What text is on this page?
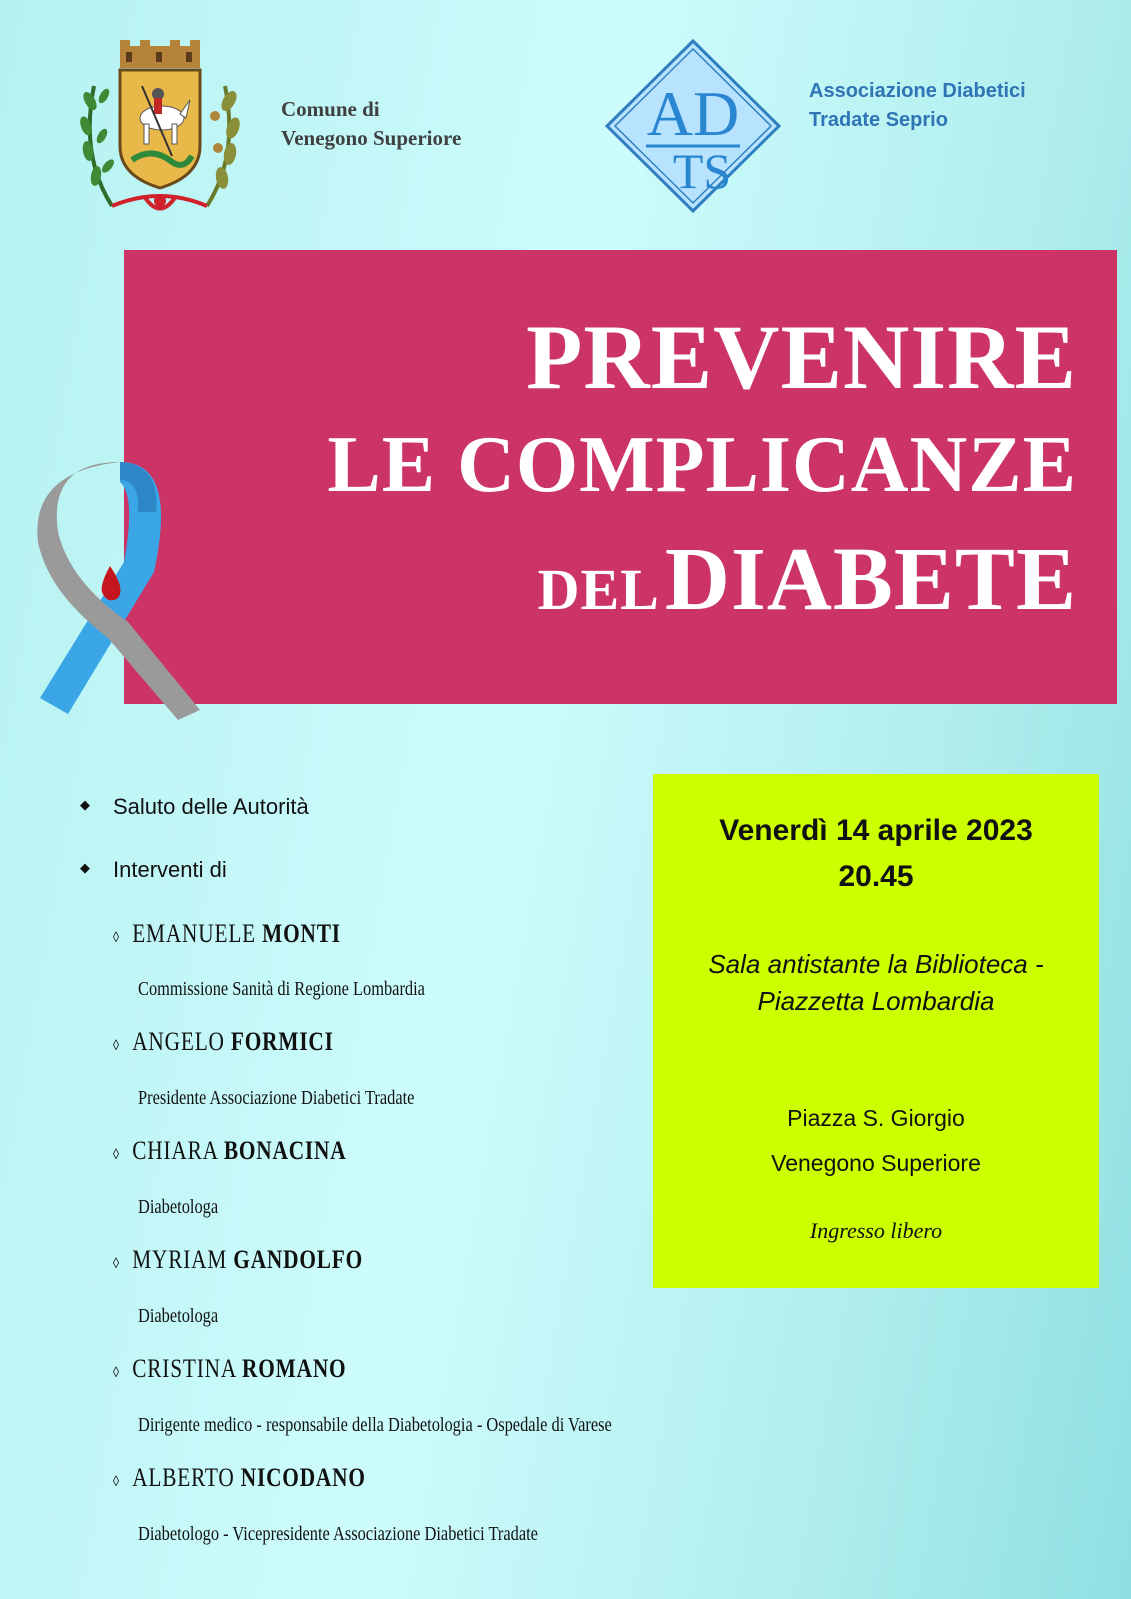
Comune di
Venegono Superiore	AD
TS
Associazione Diabetici
Tradate Seprio
PREVENIRE
LE COMPLICANZE
DEL DIABETE
◆ Saluto delle Autorità
◆ Interventi di
◊ EMANUELE MONTI
Commissione Sanità di Regione Lombardia
◊ ANGELO FORMICI
Presidente Associazione Diabetici Tradate
◊ CHIARA BONACINA
Diabetologa
◊ MYRIAM GANDOLFO
Diabetologa
◊ CRISTINA ROMANO
Dirigente medico - responsabile della Diabetologia - Ospedale di Varese
◊ ALBERTO NICODANO
Diabetologo - Vicepresidente Associazione Diabetici Tradate
Venerdì 14 aprile 2023
20.45
Sala antistante la Biblioteca -
Piazzetta Lombardia
Piazza S. Giorgio
Venegono Superiore
Ingresso libero
